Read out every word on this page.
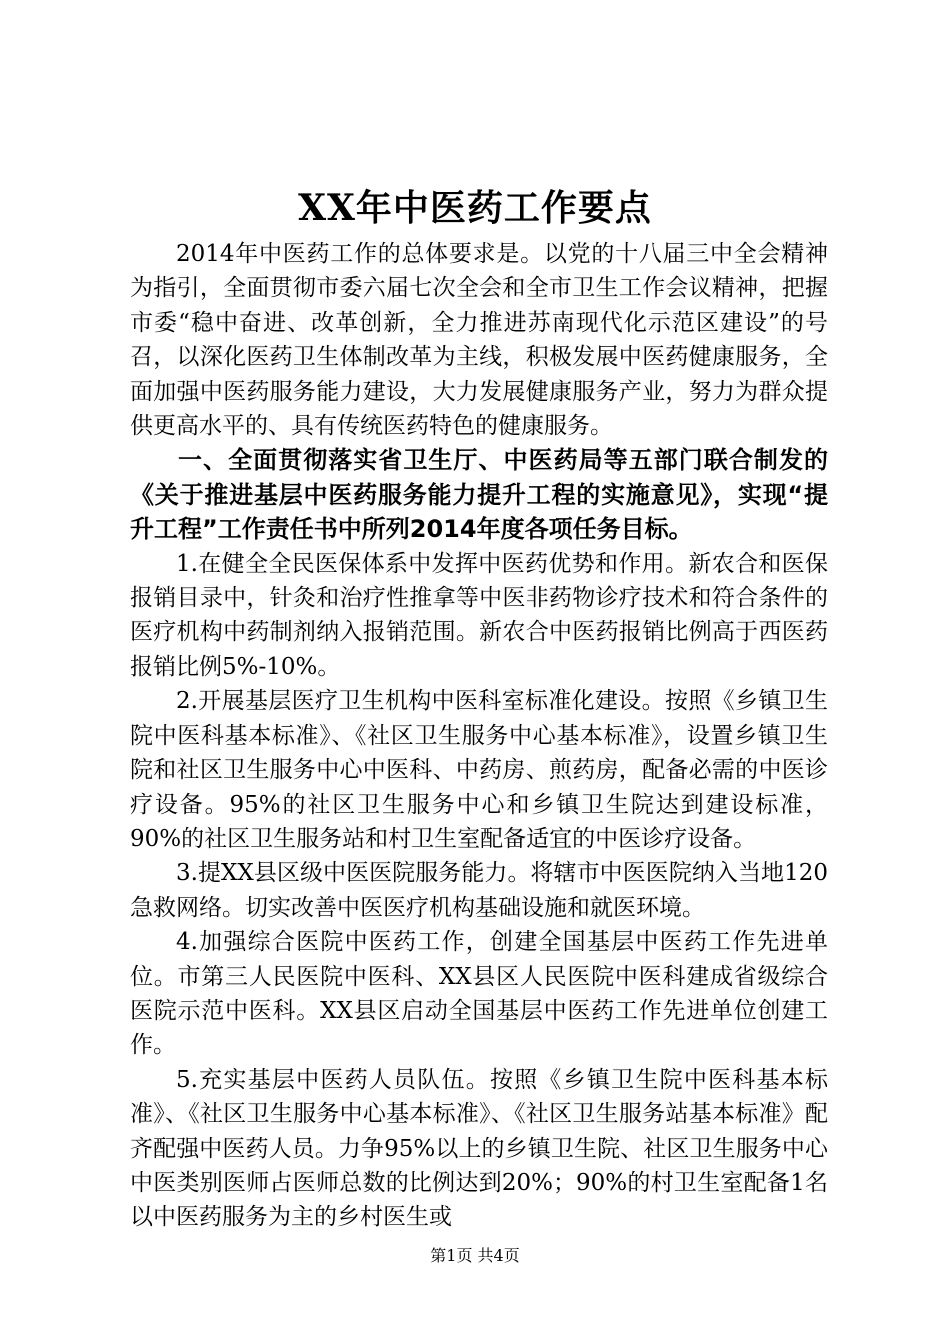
XX年中医药工作要点

2014年中医药工作的总体要求是。以党的十八届三中全会精神为指引，全面贯彻市委六届七次全会和全市卫生工作会议精神，把握市委“稳中奋进、改革创新，全力推进苏南现代化示范区建设”的号召，以深化医药卫生体制改革为主线，积极发展中医药健康服务，全面加强中医药服务能力建设，大力发展健康服务产业，努力为群众提供更高水平的、具有传统医药特色的健康服务。

一、全面贯彻落实省卫生厅、中医药局等五部门联合制发的《关于推进基层中医药服务能力提升工程的实施意见》，实现“提升工程”工作责任书中所列2014年度各项任务目标。

1.在健全全民医保体系中发挥中医药优势和作用。新农合和医保报销目录中，针灸和治疗性推拿等中医非药物诊疗技术和符合条件的医疗机构中药制剂纳入报销范围。新农合中医药报销比例高于西医药报销比例5%-10%。

2.开展基层医疗卫生机构中医科室标准化建设。按照《乡镇卫生院中医科基本标准》、《社区卫生服务中心基本标准》，设置乡镇卫生院和社区卫生服务中心中医科、中药房、煎药房，配备必需的中医诊疗设备。95%的社区卫生服务中心和乡镇卫生院达到建设标准，90%的社区卫生服务站和村卫生室配备适宜的中医诊疗设备。

3.提XX县区级中医医院服务能力。将辖市中医医院纳入当地120急救网络。切实改善中医医疗机构基础设施和就医环境。

4.加强综合医院中医药工作，创建全国基层中医药工作先进单位。市第三人民医院中医科、XX县区人民医院中医科建成省级综合医院示范中医科。XX县区启动全国基层中医药工作先进单位创建工作。

5.充实基层中医药人员队伍。按照《乡镇卫生院中医科基本标准》、《社区卫生服务中心基本标准》、《社区卫生服务站基本标准》配齐配强中医药人员。力争95%以上的乡镇卫生院、社区卫生服务中心中医类别医师占医师总数的比例达到20%；90%的村卫生室配备1名以中医药服务为主的乡村医生或

第1页 共4页
